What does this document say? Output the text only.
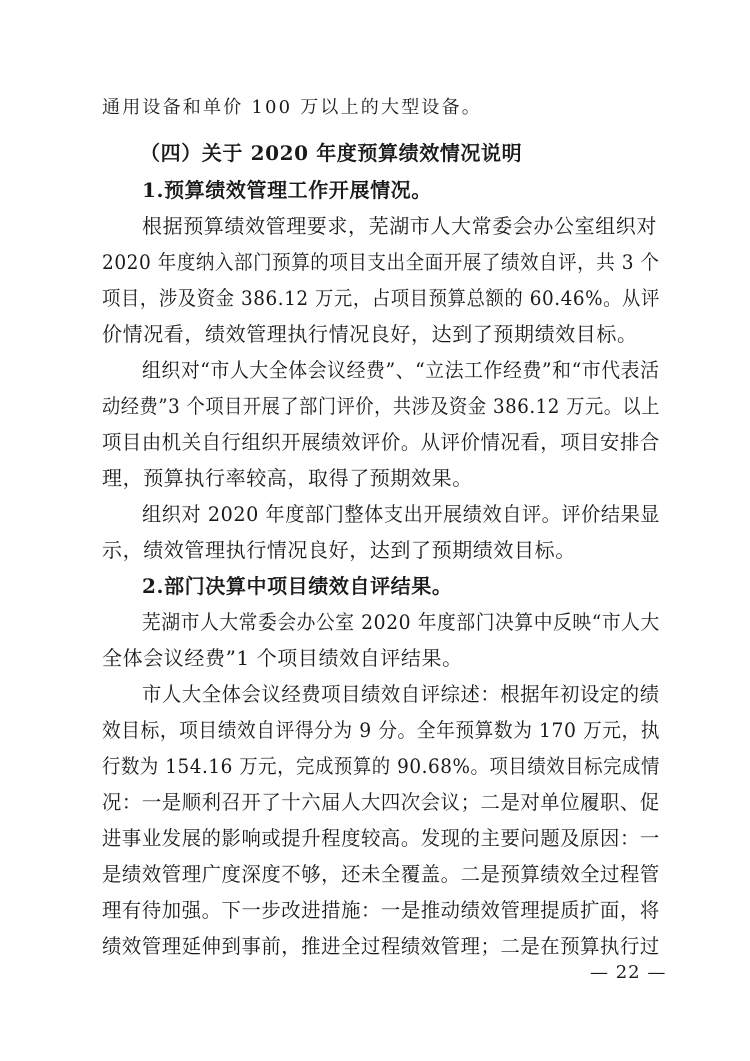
通用设备和单价 100 万以上的大型设备。
（四）关于 2020 年度预算绩效情况说明
1.预算绩效管理工作开展情况。
根据预算绩效管理要求，芜湖市人大常委会办公室组织对
2020 年度纳入部门预算的项目支出全面开展了绩效自评，共 3 个
项目，涉及资金 386.12 万元，占项目预算总额的 60.46%。从评
价情况看，绩效管理执行情况良好，达到了预期绩效目标。
组织对“市人大全体会议经费”、“立法工作经费”和“市代表活
动经费”3 个项目开展了部门评价，共涉及资金 386.12 万元。以上
项目由机关自行组织开展绩效评价。从评价情况看，项目安排合
理，预算执行率较高，取得了预期效果。
组织对 2020 年度部门整体支出开展绩效自评。评价结果显
示，绩效管理执行情况良好，达到了预期绩效目标。
2.部门决算中项目绩效自评结果。
芜湖市人大常委会办公室 2020 年度部门决算中反映“市人大
全体会议经费”1 个项目绩效自评结果。
市人大全体会议经费项目绩效自评综述：根据年初设定的绩
效目标，项目绩效自评得分为 9 分。全年预算数为 170 万元，执
行数为 154.16 万元，完成预算的 90.68%。项目绩效目标完成情
况：一是顺利召开了十六届人大四次会议；二是对单位履职、促
进事业发展的影响或提升程度较高。发现的主要问题及原因：一
是绩效管理广度深度不够，还未全覆盖。二是预算绩效全过程管
理有待加强。下一步改进措施：一是推动绩效管理提质扩面，将
绩效管理延伸到事前，推进全过程绩效管理；二是在预算执行过
— 22 —
